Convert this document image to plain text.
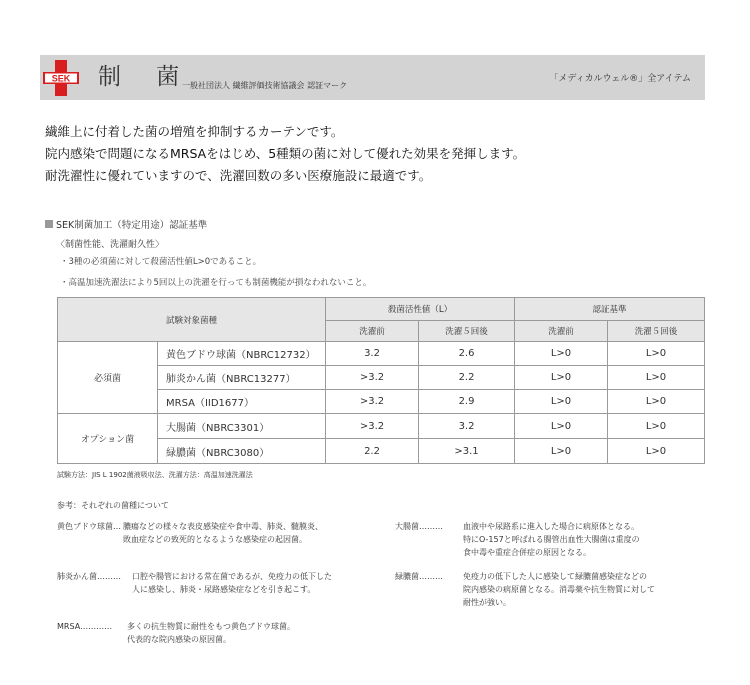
SEK 制 菌
一般社団法人 繊維評価技術協議会 認証マーク
「メディカルウェル®」全アイテム
繊維上に付着した菌の増殖を抑制するカーテンです。
院内感染で問題になるMRSAをはじめ、5種類の菌に対して優れた効果を発揮します。
耐洗濯性に優れていますので、洗濯回数の多い医療施設に最適です。
SEK制菌加工（特定用途）認証基準
〈制菌性能、洗濯耐久性〉
・3種の必須菌に対して殺菌活性値L>0であること。
・高温加速洗濯法により5回以上の洗濯を行っても制菌機能が損なわれないこと。
試験対象菌種		殺菌活性値（L）		認証基準	
		洗濯前	洗濯５回後	洗濯前	洗濯５回後
必須菌	黄色ブドウ球菌（NBRC12732）	3.2	2.6	L>0	L>0
	肺炎かん菌（NBRC13277）	>3.2	2.2	L>0	L>0
	MRSA（IID1677）	>3.2	2.9	L>0	L>0
オプション菌	大腸菌（NBRC3301）	>3.2	3.2	L>0	L>0
	緑膿菌（NBRC3080）	2.2	>3.1	L>0	L>0
試験方法：JIS L 1902菌液吸収法、洗濯方法：高温加速洗濯法
参考：それぞれの菌種について
黄色ブドウ球菌… 膿瘍などの様々な表皮感染症や食中毒、肺炎、髄膜炎、
敗血症などの致死的となるような感染症の起因菌。
大腸菌………	血液中や尿路系に進入した場合に病原体となる。
特にO-157と呼ばれる腸管出血性大腸菌は重度の
食中毒や重症合併症の原因となる。
肺炎かん菌……… 口腔や腸管における常在菌であるが、免疫力の低下した
人に感染し、肺炎・尿路感染症などを引き起こす。
緑膿菌………	免疫力の低下した人に感染して緑膿菌感染症などの
院内感染の病原菌となる。消毒薬や抗生物質に対して
耐性が強い。
MRSA………… 多くの抗生物質に耐性をもつ黄色ブドウ球菌。
代表的な院内感染の原因菌。
